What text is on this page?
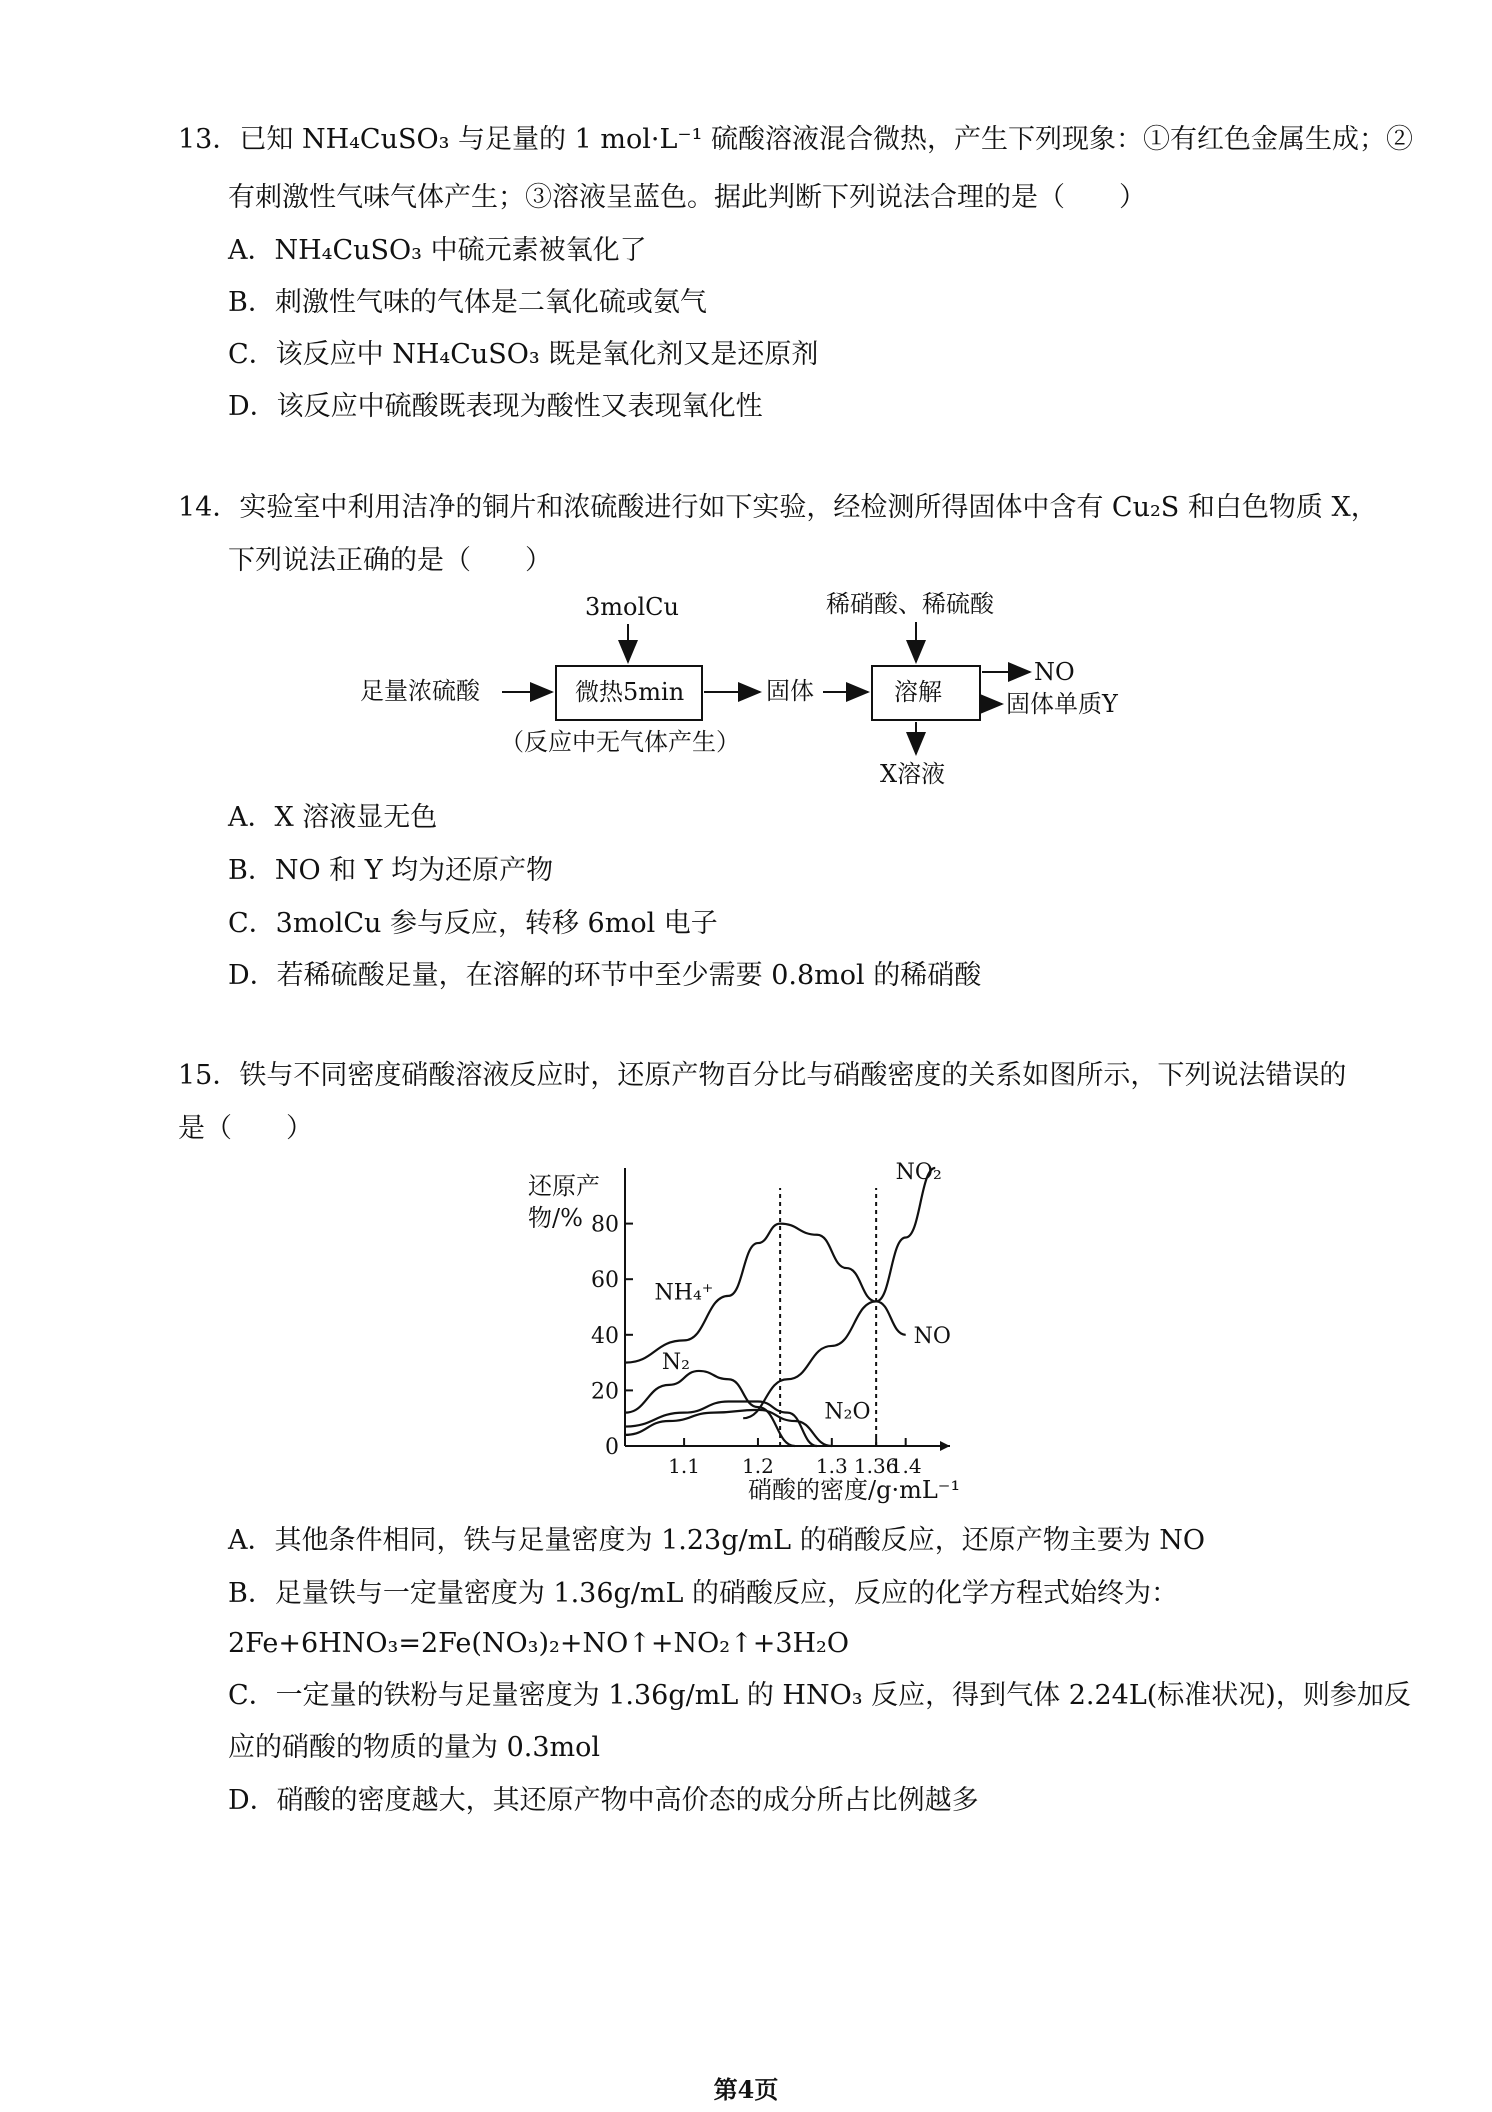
13．已知 NH₄CuSO₃ 与足量的 1 mol·L⁻¹ 硫酸溶液混合微热，产生下列现象：①有红色金属生成；②
有刺激性气味气体产生；③溶液呈蓝色。据此判断下列说法合理的是（　　）
A．NH₄CuSO₃ 中硫元素被氧化了
B．刺激性气味的气体是二氧化硫或氨气
C．该反应中 NH₄CuSO₃ 既是氧化剂又是还原剂
D．该反应中硫酸既表现为酸性又表现氧化性
14．实验室中利用洁净的铜片和浓硫酸进行如下实验，经检测所得固体中含有 Cu₂S 和白色物质 X，
下列说法正确的是（　　）
3molCu
足量浓硫酸	微热5min
（反应中无气体产生）
固体
稀硝酸、稀硫酸
溶解
NO
固体单质Y
X溶液
A．X 溶液显无色
B．NO 和 Y 均为还原产物
C．3molCu 参与反应，转移 6mol 电子
D．若稀硫酸足量，在溶解的环节中至少需要 0.8mol 的稀硝酸
15．铁与不同密度硝酸溶液反应时，还原产物百分比与硝酸密度的关系如图所示，下列说法错误的
是（　　）
还原产
物/%
硝酸的密度/g·mL⁻¹
0
20
40
60
80
1.1 1.2 1.3 1.36
1.4
NO₂
NO
N₂
N₂O
NH₄⁺
A．其他条件相同，铁与足量密度为 1.23g/mL 的硝酸反应，还原产物主要为 NO
B．足量铁与一定量密度为 1.36g/mL 的硝酸反应，反应的化学方程式始终为：
2Fe+6HNO₃=2Fe(NO₃)₂+NO↑+NO₂↑+3H₂O
C．一定量的铁粉与足量密度为 1.36g/mL 的 HNO₃ 反应，得到气体 2.24L(标准状况)，则参加反
应的硝酸的物质的量为 0.3mol
D．硝酸的密度越大，其还原产物中高价态的成分所占比例越多
第4页
